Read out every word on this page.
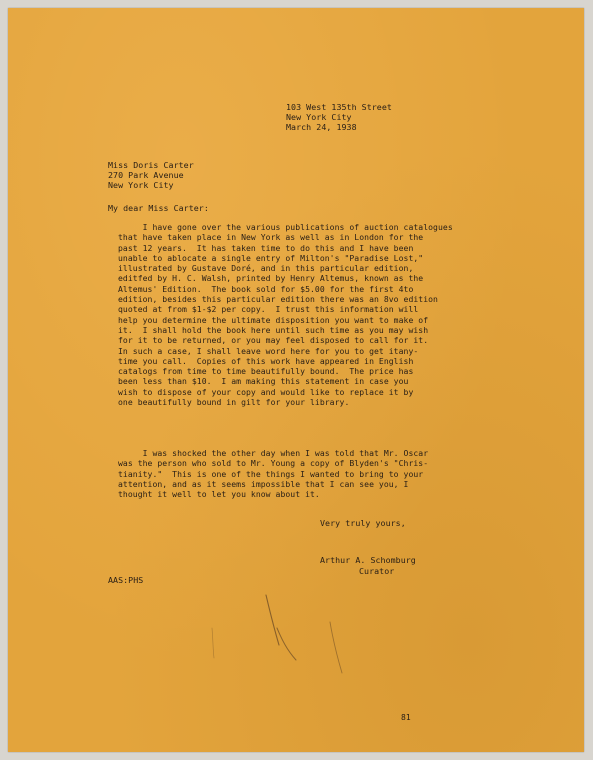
103 West 135th Street
New York City
March 24, 1938
Miss Doris Carter
270 Park Avenue
New York City
My dear Miss Carter:
I have gone over the various publications of auction catalogues
that have taken place in New York as well as in London for the
past 12 years.  It has taken time to do this and I have been
unable to ablocate a single entry of Milton's "Paradise Lost,"
illustrated by Gustave Doré, and in this particular edition,
editfed by H. C. Walsh, printed by Henry Altemus, known as the
Altemus' Edition.  The book sold for $5.00 for the first 4to
edition, besides this particular edition there was an 8vo edition
quoted at from $1-$2 per copy.  I trust this information will
help you determine the ultimate disposition you want to make of
it.  I shall hold the book here until such time as you may wish
for it to be returned, or you may feel disposed to call for it.
In such a case, I shall leave word here for you to get itany-
time you call.  Copies of this work have appeared in English
catalogs from time to time beautifully bound.  The price has
been less than $10.  I am making this statement in case you
wish to dispose of your copy and would like to replace it by
one beautifully bound in gilt for your library.
I was shocked the other day when I was told that Mr. Oscar
was the person who sold to Mr. Young a copy of Blyden's "Chris-
tianity."  This is one of the things I wanted to bring to your
attention, and as it seems impossible that I can see you, I
thought it well to let you know about it.
Very truly yours,
AAS:PHS
Arthur A. Schomburg
Curator
81
